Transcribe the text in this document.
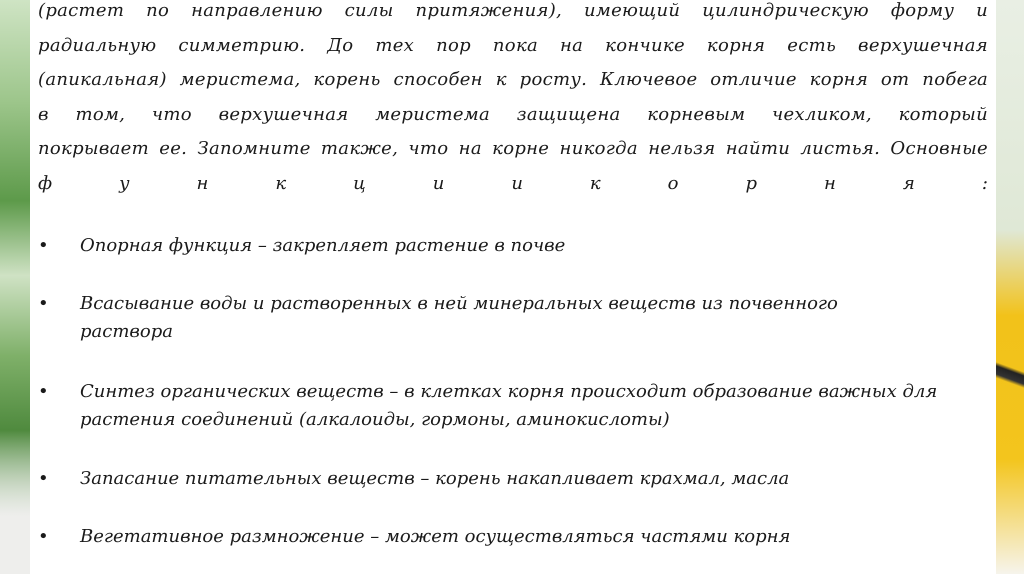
(растет по направлению силы притяжения), имеющий цилиндрическую форму и
радиальную симметрию. До тех пор пока на кончике корня есть верхушечная
(апикальная) меристема, корень способен к росту. Ключевое отличие корня от побега
в том, что верхушечная меристема защищена корневым чехликом, который
покрывает ее. Запомните также, что на корне никогда нельзя найти листья. Основные

ф	у	н	к	ц	и	и	к	о	р	н	я	:
• Опорная функция – закрепляет растение в почве
• Всасывание воды и растворенных в ней минеральных веществ из почвенного раствора
• Синтез органических веществ – в клетках корня происходит образование важных для растения соединений (алкалоиды, гормоны, аминокислоты)
• Запасание питательных веществ – корень накапливает крахмал, масла
• Вегетативное размножение – может осуществляться частями корня
